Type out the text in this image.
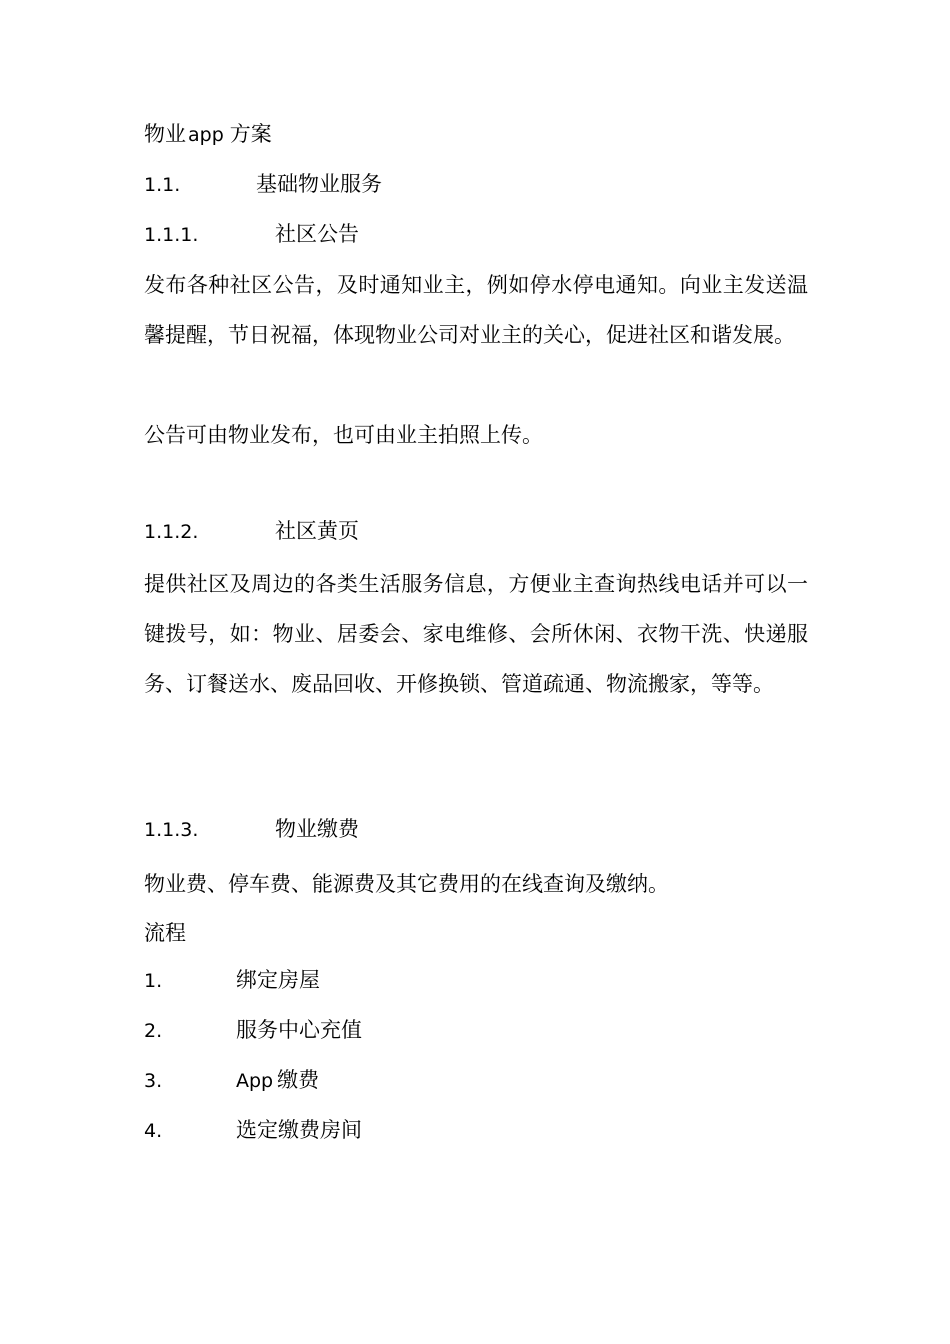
物业 app 方案
1.1.	基础物业服务
1.1.1.	社区公告
发布各种社区公告，及时通知业主，例如停水停电通知。向业主发送温馨提醒，节日祝福，体现物业公司对业主的关心，促进社区和谐发展。
公告可由物业发布，也可由业主拍照上传。
1.1.2.	社区黄页
提供社区及周边的各类生活服务信息，方便业主查询热线电话并可以一键拨号，如：物业、居委会、家电维修、会所休闲、衣物干洗、快递服务、订餐送水、废品回收、开修换锁、管道疏通、物流搬家，等等。
1.1.3.	物业缴费
物业费、停车费、能源费及其它费用的在线查询及缴纳。
流程
1.	绑定房屋
2.	服务中心充值
3.	App 缴费
4.	选定缴费房间
